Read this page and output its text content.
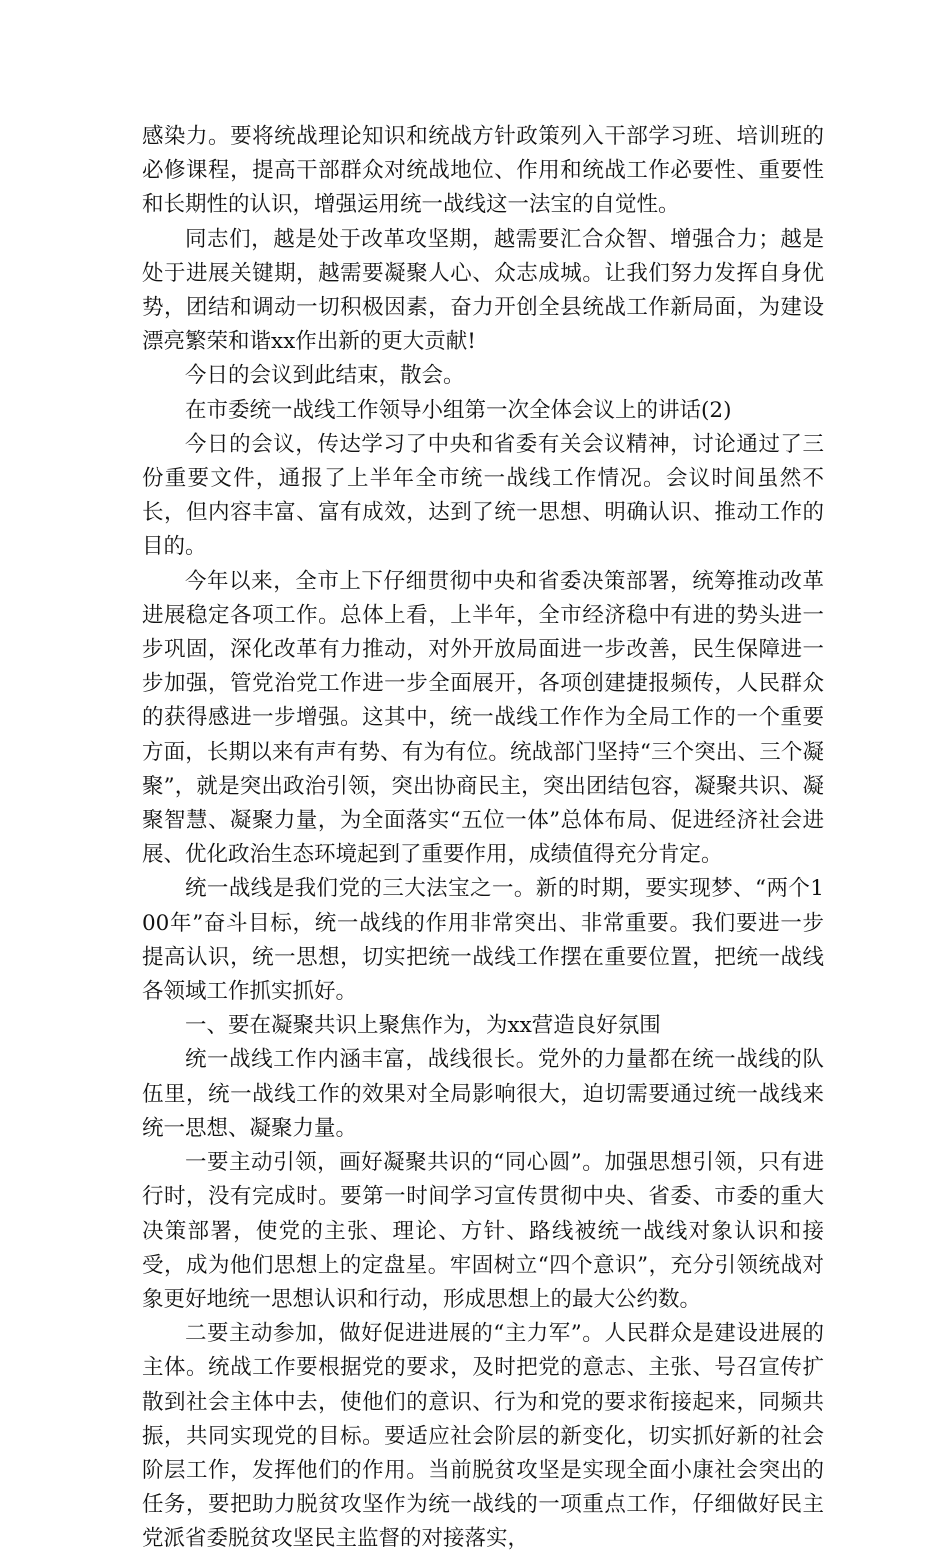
感染力。要将统战理论知识和统战方针政策列入干部学习班、培训班的必修课程，提高干部群众对统战地位、作用和统战工作必要性、重要性和长期性的认识，增强运用统一战线这一法宝的自觉性。

同志们，越是处于改革攻坚期，越需要汇合众智、增强合力；越是处于进展关键期，越需要凝聚人心、众志成城。让我们努力发挥自身优势，团结和调动一切积极因素，奋力开创全县统战工作新局面，为建设漂亮繁荣和谐xx作出新的更大贡献!

今日的会议到此结束，散会。

在市委统一战线工作领导小组第一次全体会议上的讲话(2)

今日的会议，传达学习了中央和省委有关会议精神，讨论通过了三份重要文件，通报了上半年全市统一战线工作情况。会议时间虽然不长，但内容丰富、富有成效，达到了统一思想、明确认识、推动工作的目的。

今年以来，全市上下仔细贯彻中央和省委决策部署，统筹推动改革进展稳定各项工作。总体上看，上半年，全市经济稳中有进的势头进一步巩固，深化改革有力推动，对外开放局面进一步改善，民生保障进一步加强，管党治党工作进一步全面展开，各项创建捷报频传，人民群众的获得感进一步增强。这其中，统一战线工作作为全局工作的一个重要方面，长期以来有声有势、有为有位。统战部门坚持“三个突出、三个凝聚”，就是突出政治引领，突出协商民主，突出团结包容，凝聚共识、凝聚智慧、凝聚力量，为全面落实“五位一体”总体布局、促进经济社会进展、优化政治生态环境起到了重要作用，成绩值得充分肯定。

统一战线是我们党的三大法宝之一。新的时期，要实现梦、“两个100年”奋斗目标，统一战线的作用非常突出、非常重要。我们要进一步提高认识，统一思想，切实把统一战线工作摆在重要位置，把统一战线各领域工作抓实抓好。

一、要在凝聚共识上聚焦作为，为xx营造良好氛围

统一战线工作内涵丰富，战线很长。党外的力量都在统一战线的队伍里，统一战线工作的效果对全局影响很大，迫切需要通过统一战线来统一思想、凝聚力量。

一要主动引领，画好凝聚共识的“同心圆”。加强思想引领，只有进行时，没有完成时。要第一时间学习宣传贯彻中央、省委、市委的重大决策部署，使党的主张、理论、方针、路线被统一战线对象认识和接受，成为他们思想上的定盘星。牢固树立“四个意识”，充分引领统战对象更好地统一思想认识和行动，形成思想上的最大公约数。

二要主动参加，做好促进进展的“主力军”。人民群众是建设进展的主体。统战工作要根据党的要求，及时把党的意志、主张、号召宣传扩散到社会主体中去，使他们的意识、行为和党的要求衔接起来，同频共振，共同实现党的目标。要适应社会阶层的新变化，切实抓好新的社会阶层工作，发挥他们的作用。当前脱贫攻坚是实现全面小康社会突出的任务，要把助力脱贫攻坚作为统一战线的一项重点工作，仔细做好民主党派省委脱贫攻坚民主监督的对接落实，
